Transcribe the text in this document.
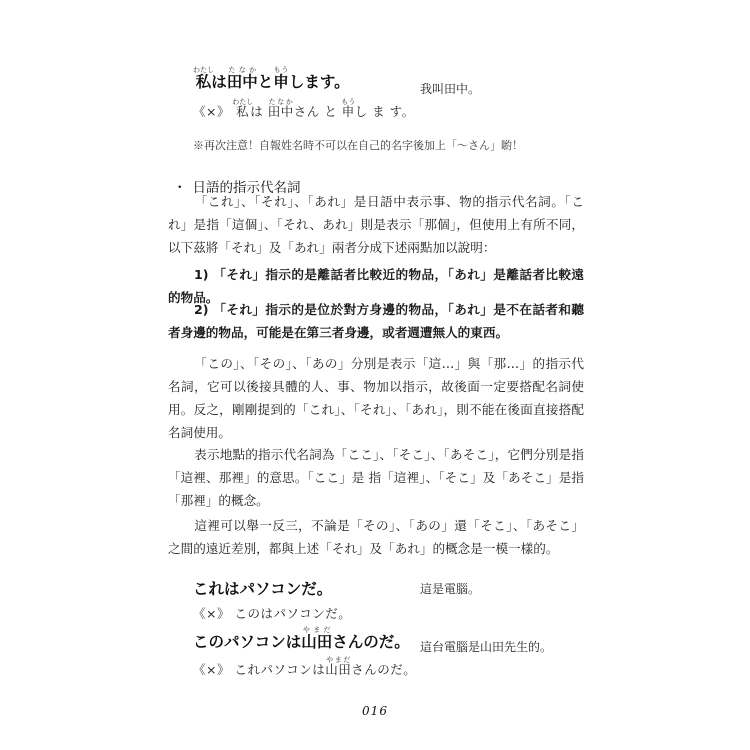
私わたしは田中たなかと申もうします。	我叫田中。
《×》 私わたしは 田中たなかさん と 申もうし ま す。
※再次注意！自報姓名時不可以在自己的名字後加上「～さん」喲！
・ 日語的指示代名詞
「これ」、「それ」、「あれ」是日語中表示事、物的指示代名詞。「これ」是指「這個」、「それ、あれ」則是表示「那個」，但使用上有所不同，以下茲將「それ」及「あれ」兩者分成下述兩點加以說明：
1) 「それ」指示的是離話者比較近的物品，「あれ」是離話者比較遠的物品。
2) 「それ」指示的是位於對方身邊的物品，「あれ」是不在話者和聽者身邊的物品，可能是在第三者身邊，或者週遭無人的東西。
「この」、「その」、「あの」分別是表示「這…」與「那…」的指示代名詞，它可以後接具體的人、事、物加以指示，故後面一定要搭配名詞使用。反之，剛剛提到的「これ」、「それ」、「あれ」，則不能在後面直接搭配名詞使用。
表示地點的指示代名詞為「ここ」、「そこ」、「あそこ」，它們分別是指「這裡、那裡」的意思。「ここ」是 指「這裡」、「そこ」及「あそこ」是指「那裡」的概念。
這裡可以舉一反三，不論是「その」、「あの」還「そこ」、「あそこ」之間的遠近差別，都與上述「それ」及「あれ」的概念是一模一樣的。
これはパソコンだ。	這是電腦。
《×》 このはパソコンだ。
このパソコンは山田やまださんのだ。 這台電腦是山田先生的。
《×》 これパソコンは山田やまださんのだ。
016
